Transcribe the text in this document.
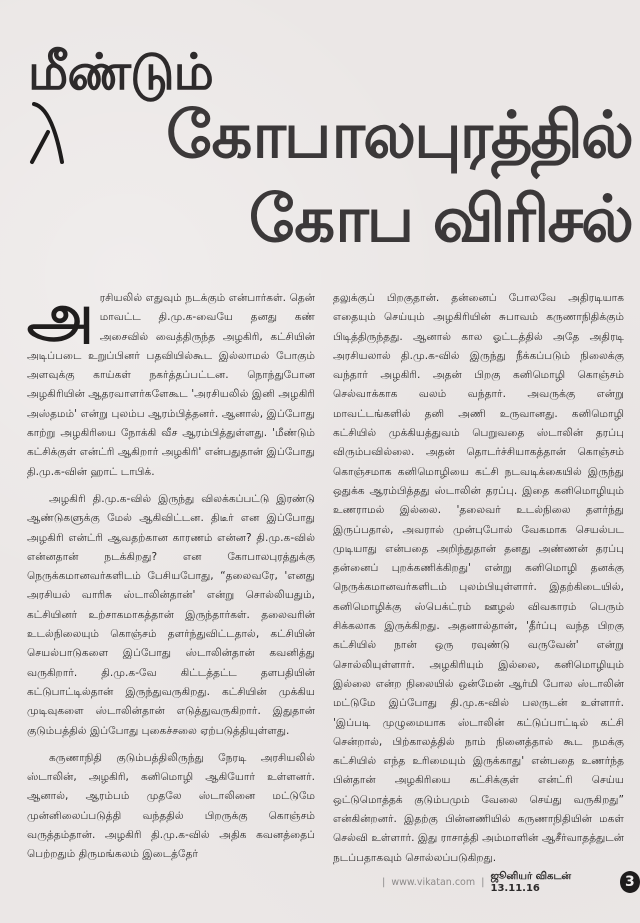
மீண்டும்
கோபாலபுரத்தில்
கோப விரிசல்

அரசியலில் எதுவும் நடக்கும் என்பார்கள். தென் மாவட்ட தி.மு.க-வையே தனது கண் அசைவில் வைத்திருந்த அழகிரி, கட்சியின் அடிப்படை உறுப்பினர் பதவியில்கூட இல்லாமல் போகும் அளவுக்கு காய்கள் நகர்த்தப்பட்டன. நொந்துபோன அழகிரியின் ஆதரவாளர்களேகூட 'அரசியலில் இனி அழகிரி அஸ்தமம்' என்று புலம்ப ஆரம்பித்தனர். ஆனால், இப்போது காற்று அழகிரியை நோக்கி வீச ஆரம்பித்துள்ளது. 'மீண்டும் கட்சிக்குள் என்ட்ரி ஆகிறார் அழகிரி' என்பதுதான் இப்போது தி.மு.க-வின் ஹாட் டாபிக்.

அழகிரி தி.மு.க-வில் இருந்து விலக்கப்பட்டு இரண்டு ஆண்டுகளுக்கு மேல் ஆகிவிட்டன. திடீர் என இப்போது அழகிரி என்ட்ரி ஆவதற்கான காரணம் என்ன? தி.மு.க-வில் என்னதான் நடக்கிறது? என கோபாலபுரத்துக்கு நெருக்கமானவர்களிடம் பேசியபோது, “தலைவரே, 'எனது அரசியல் வாரிசு ஸ்டாலின்தான்' என்று சொல்லியதும், கட்சியினர் உற்சாகமாகத்தான் இருந்தார்கள். தலைவரின் உடல்நிலையும் கொஞ்சம் தளர்ந்துவிட்டதால், கட்சியின் செயல்பாடுகளை இப்போது ஸ்டாலின்தான் கவனித்து வருகிறார். தி.மு.க-வே கிட்டத்தட்ட தளபதியின் கட்டுபாட்டில்தான் இருந்துவருகிறது. கட்சியின் முக்கிய முடிவுகளை ஸ்டாலின்தான் எடுத்துவருகிறார். இதுதான் குடும்பத்தில் இப்போது புகைச்சலை ஏற்படுத்தியுள்ளது.

கருணாநிதி குடும்பத்திலிருந்து நேரடி அரசியலில் ஸ்டாலின், அழகிரி, கனிமொழி ஆகியோர் உள்ளனர். ஆனால், ஆரம்பம் முதலே ஸ்டாலினை மட்டுமே முன்னிலைப்படுத்தி வந்ததில் பிறருக்கு கொஞ்சம் வருத்தம்தான். அழகிரி தி.மு.க-வில் அதிக கவனத்தைப் பெற்றதும் திருமங்கலம் இடைத்தேர்

தலுக்குப் பிறகுதான். தன்னைப் போலவே அதிரடியாக எதையும் செய்யும் அழகிரியின் சுபாவம் கருணாநிதிக்கும் பிடித்திருந்தது. ஆனால் கால ஓட்டத்தில் அதே அதிரடி அரசியலால் தி.மு.க-வில் இருந்து நீக்கப்படும் நிலைக்கு வந்தார் அழகிரி. அதன் பிறகு கனிமொழி கொஞ்சம் செல்வாக்காக வலம் வந்தார். அவருக்கு என்று மாவட்டங்களில் தனி அணி உருவானது. கனிமொழி கட்சியில் முக்கியத்துவம் பெறுவதை ஸ்டாலின் தரப்பு விரும்பவில்லை. அதன் தொடர்ச்சியாகத்தான் கொஞ்சம் கொஞ்சமாக கனிமொழியை கட்சி நடவடிக்கையில் இருந்து ஒதுக்க ஆரம்பித்தது ஸ்டாலின் தரப்பு. இதை கனிமொழியும் உணராமல் இல்லை. 'தலைவர் உடல்நிலை தளர்ந்து இருப்பதால், அவரால் முன்புபோல் வேகமாக செயல்பட முடியாது என்பதை அறிந்துதான் தனது அண்ணன் தரப்பு தன்னைப் புறக்கணிக்கிறது' என்று கனிமொழி தனக்கு நெருக்கமானவர்களிடம் புலம்பியுள்ளார். இதற்கிடையில், கனிமொழிக்கு ஸ்பெக்ட்ரம் ஊழல் விவகாரம் பெரும் சிக்கலாக இருக்கிறது. அதனால்தான், 'தீர்ப்பு வந்த பிறகு கட்சியில் நான் ஒரு ரவுண்டு வருவேன்' என்று சொல்லியுள்ளார். அழகிரியும் இல்லை, கனிமொழியும் இல்லை என்ற நிலையில் ஒன்மேன் ஆர்மி போல ஸ்டாலின் மட்டுமே இப்போது தி.மு.க-வில் பலருடன் உள்ளார். 'இப்படி முழுமையாக ஸ்டாலின் கட்டுப்பாட்டில் கட்சி சென்றால், பிற்காலத்தில் நாம் நினைத்தால் கூட நமக்கு கட்சியில் எந்த உரிமையும் இருக்காது' என்பதை உணர்ந்த பின்தான் அழகிரியை கட்சிக்குள் என்ட்ரி செய்ய ஒட்டுமொத்தக் குடும்பமும் வேலை செய்து வருகிறது” என்கின்றனர். இதற்கு பின்னணியில் கருணாநிதியின் மகள் செல்வி உள்ளார். இது ராசாத்தி அம்மாளின் ஆசீர்வாதத்துடன் நடப்பதாகவும் சொல்லப்படுகிறது.

| www.vikatan.com |
ஜூனியர் விகடன் 13.11.16	3
